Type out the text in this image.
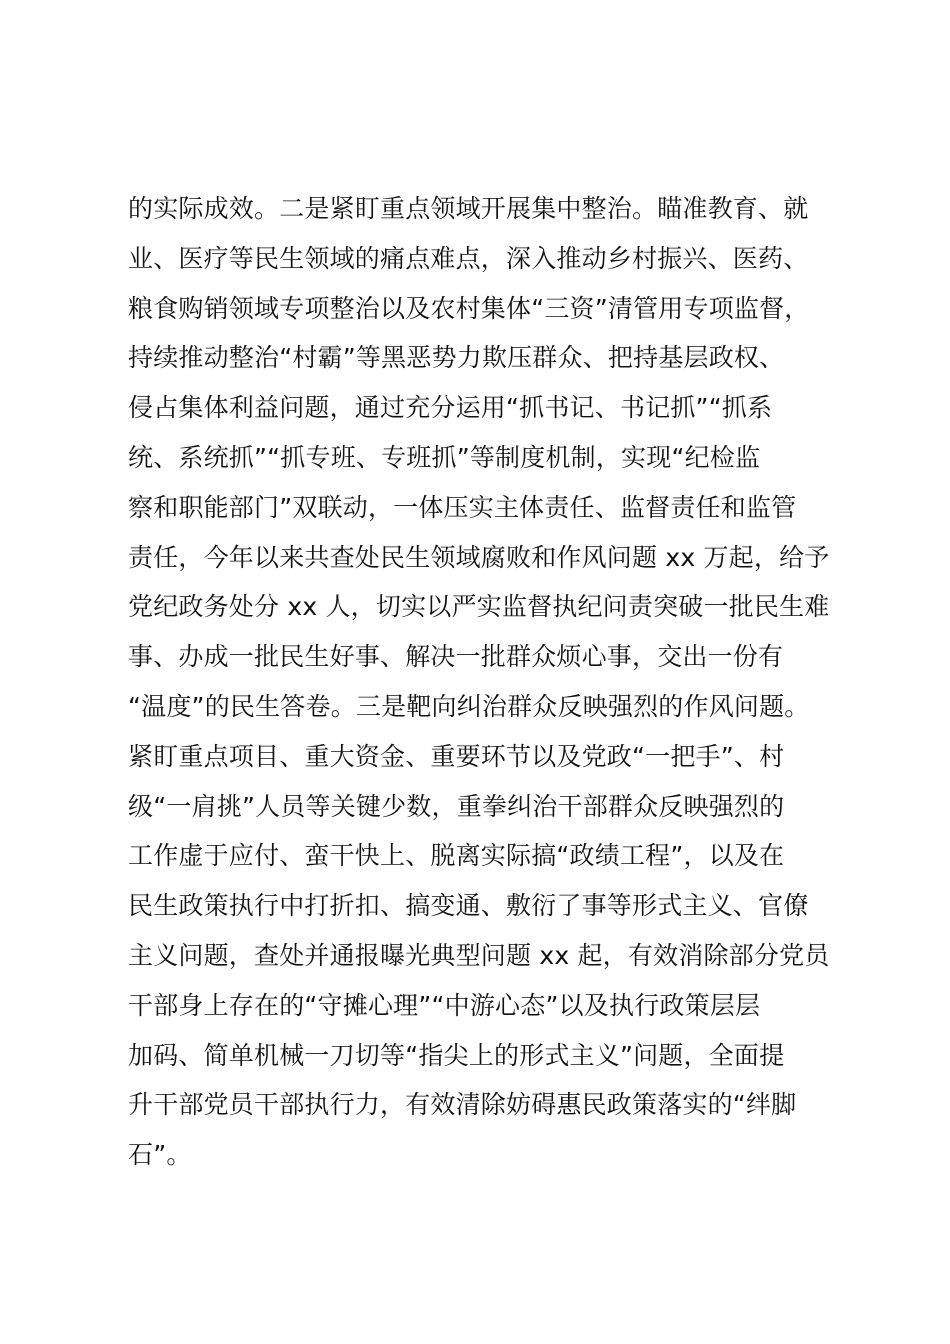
的实际成效。二是紧盯重点领域开展集中整治。瞄准教育、就
业、医疗等民生领域的痛点难点，深入推动乡村振兴、医药、
粮食购销领域专项整治以及农村集体“三资”清管用专项监督，
持续推动整治“村霸”等黑恶势力欺压群众、把持基层政权、
侵占集体利益问题，通过充分运用“抓书记、书记抓”“抓系
统、系统抓”“抓专班、专班抓”等制度机制，实现“纪检监
察和职能部门”双联动，一体压实主体责任、监督责任和监管
责任，今年以来共查处民生领域腐败和作风问题 xx 万起，给予
党纪政务处分 xx 人，切实以严实监督执纪问责突破一批民生难
事、办成一批民生好事、解决一批群众烦心事，交出一份有
“温度”的民生答卷。三是靶向纠治群众反映强烈的作风问题。
紧盯重点项目、重大资金、重要环节以及党政“一把手”、村
级“一肩挑”人员等关键少数，重拳纠治干部群众反映强烈的
工作虚于应付、蛮干快上、脱离实际搞“政绩工程”，以及在
民生政策执行中打折扣、搞变通、敷衍了事等形式主义、官僚
主义问题，查处并通报曝光典型问题 xx 起，有效消除部分党员
干部身上存在的“守摊心理”“中游心态”以及执行政策层层
加码、简单机械一刀切等“指尖上的形式主义”问题，全面提
升干部党员干部执行力，有效清除妨碍惠民政策落实的“绊脚
石”。
